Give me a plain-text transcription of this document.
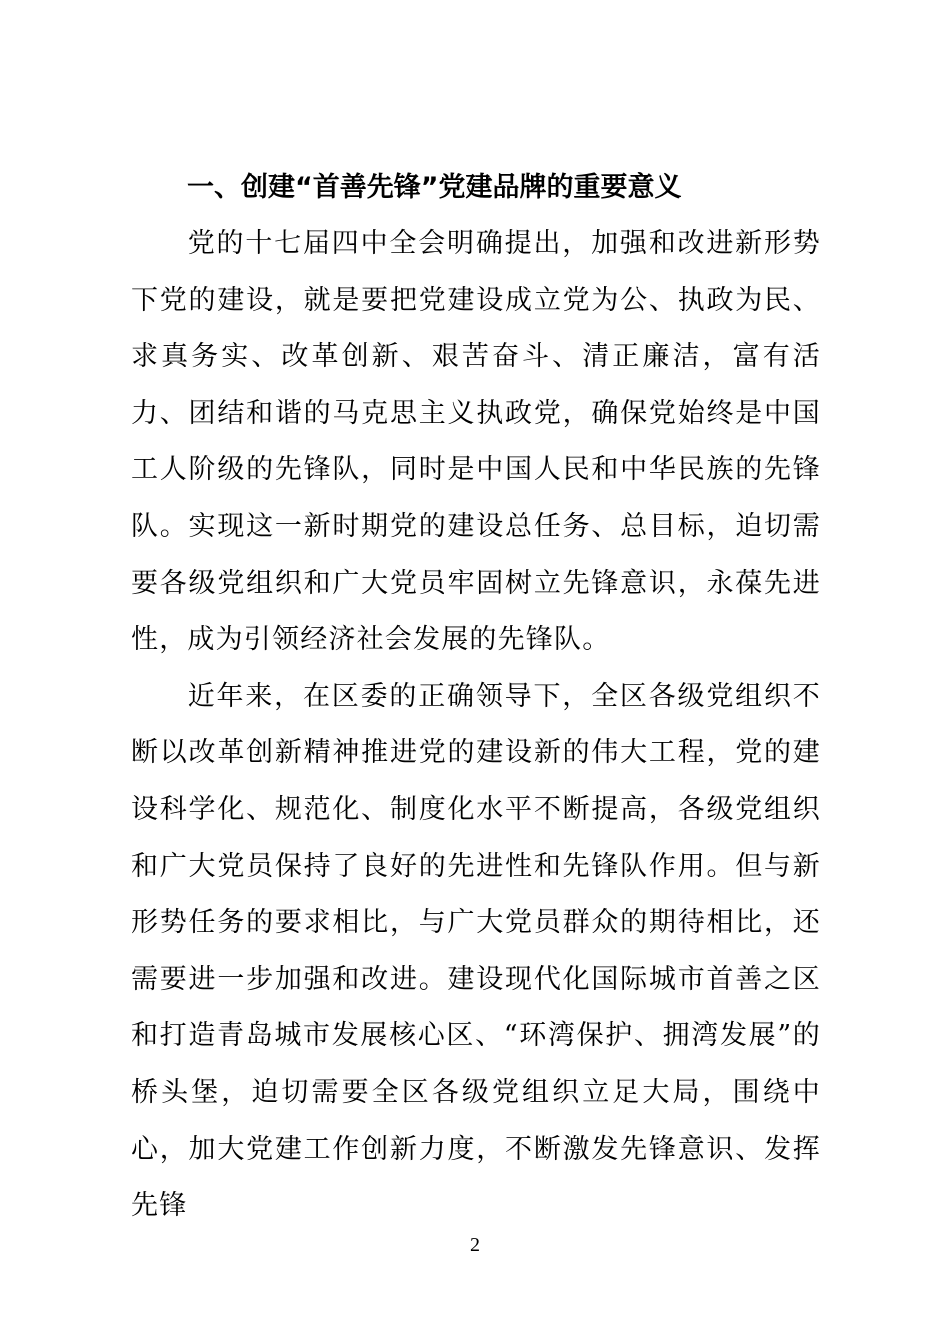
一、创建“首善先锋”党建品牌的重要意义

党的十七届四中全会明确提出，加强和改进新形势下党的建设，就是要把党建设成立党为公、执政为民、求真务实、改革创新、艰苦奋斗、清正廉洁，富有活力、团结和谐的马克思主义执政党，确保党始终是中国工人阶级的先锋队，同时是中国人民和中华民族的先锋队。实现这一新时期党的建设总任务、总目标，迫切需要各级党组织和广大党员牢固树立先锋意识，永葆先进性，成为引领经济社会发展的先锋队。

近年来，在区委的正确领导下，全区各级党组织不断以改革创新精神推进党的建设新的伟大工程，党的建设科学化、规范化、制度化水平不断提高，各级党组织和广大党员保持了良好的先进性和先锋队作用。但与新形势任务的要求相比，与广大党员群众的期待相比，还需要进一步加强和改进。建设现代化国际城市首善之区和打造青岛城市发展核心区、“环湾保护、拥湾发展”的桥头堡，迫切需要全区各级党组织立足大局，围绕中心，加大党建工作创新力度，不断激发先锋意识、发挥先锋

2
